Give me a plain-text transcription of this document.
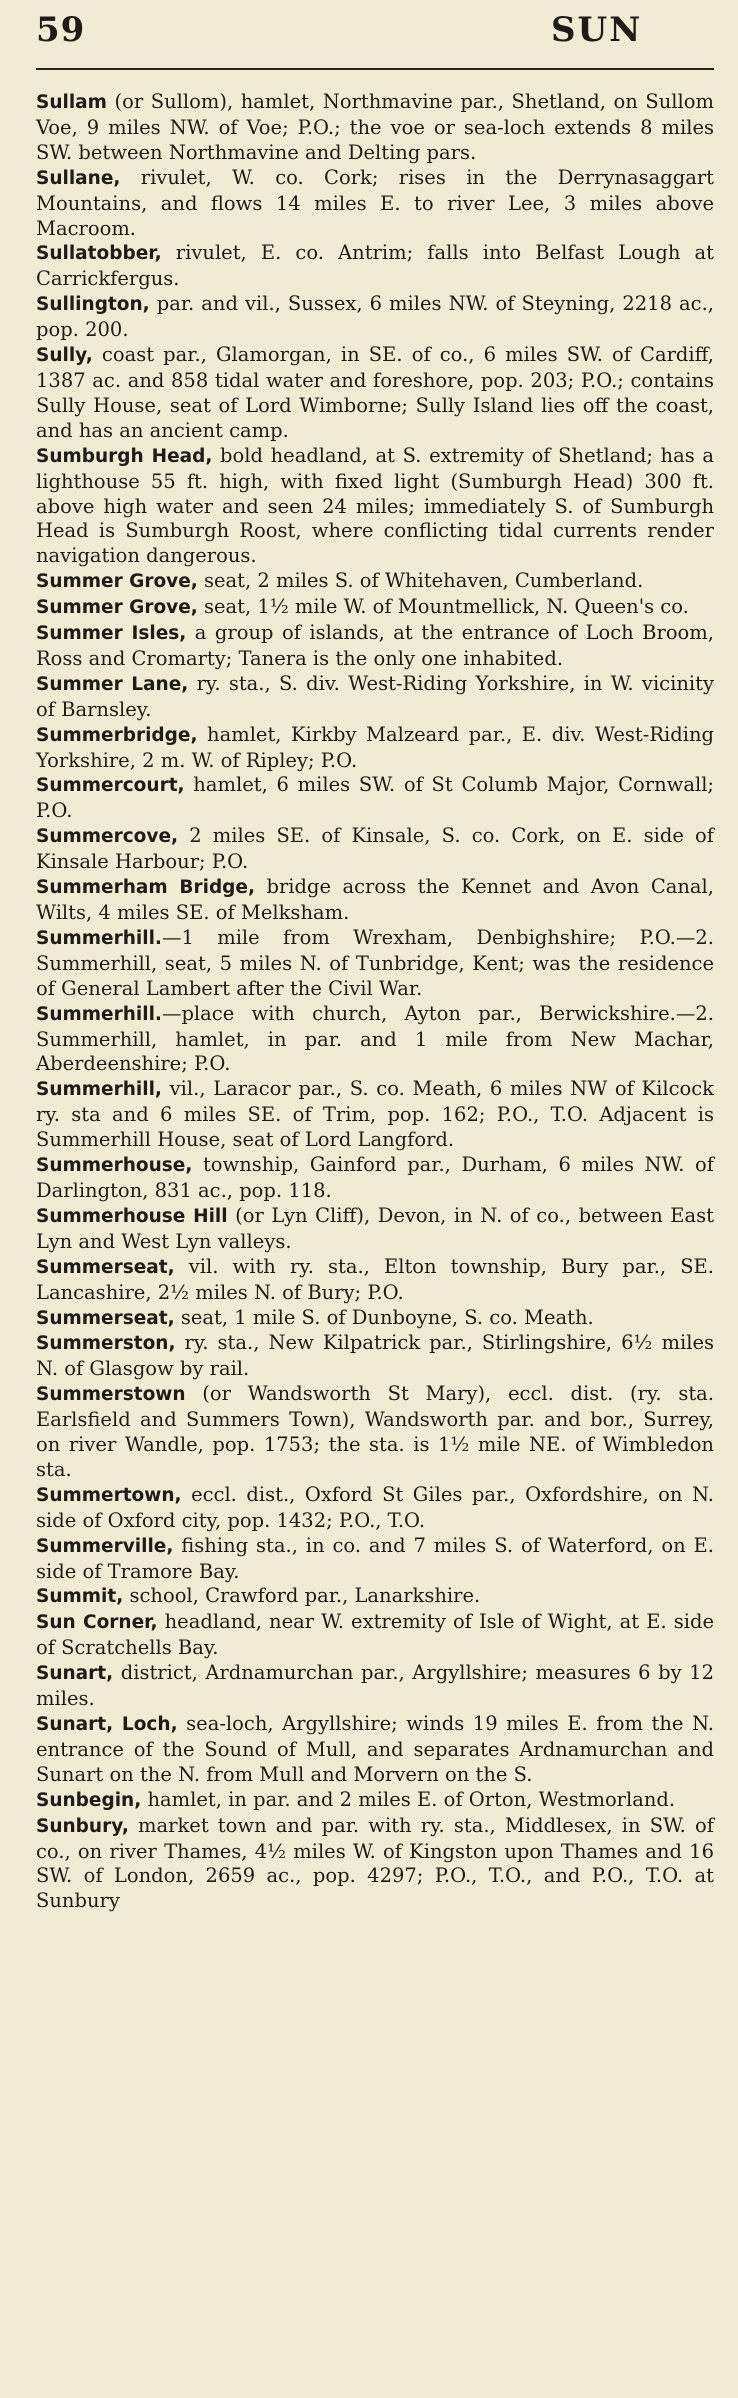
59	SUN

Sullam (or Sullom), hamlet, Northmavine par., Shetland, on Sullom Voe, 9 miles NW. of Voe; P.O.; the voe or sea-loch extends 8 miles SW. between Northmavine and Delting pars.

Sullane, rivulet, W. co. Cork; rises in the Derrynasaggart Mountains, and flows 14 miles E. to river Lee, 3 miles above Macroom.

Sullatobber, rivulet, E. co. Antrim; falls into Belfast Lough at Carrickfergus.

Sullington, par. and vil., Sussex, 6 miles NW. of Steyning, 2218 ac., pop. 200.

Sully, coast par., Glamorgan, in SE. of co., 6 miles SW. of Cardiff, 1387 ac. and 858 tidal water and foreshore, pop. 203; P.O.; contains Sully House, seat of Lord Wimborne; Sully Island lies off the coast, and has an ancient camp.

Sumburgh Head, bold headland, at S. extremity of Shetland; has a lighthouse 55 ft. high, with fixed light (Sumburgh Head) 300 ft. above high water and seen 24 miles; immediately S. of Sumburgh Head is Sumburgh Roost, where conflicting tidal currents render navigation dangerous.

Summer Grove, seat, 2 miles S. of Whitehaven, Cumberland.

Summer Grove, seat, 1½ mile W. of Mountmellick, N. Queen's co.

Summer Isles, a group of islands, at the entrance of Loch Broom, Ross and Cromarty; Tanera is the only one inhabited.

Summer Lane, ry. sta., S. div. West-Riding Yorkshire, in W. vicinity of Barnsley.

Summerbridge, hamlet, Kirkby Malzeard par., E. div. West-Riding Yorkshire, 2 m. W. of Ripley; P.O.

Summercourt, hamlet, 6 miles SW. of St Columb Major, Cornwall; P.O.

Summercove, 2 miles SE. of Kinsale, S. co. Cork, on E. side of Kinsale Harbour; P.O.

Summerham Bridge, bridge across the Kennet and Avon Canal, Wilts, 4 miles SE. of Melksham.

Summerhill.—1 mile from Wrexham, Denbighshire; P.O.—2. Summerhill, seat, 5 miles N. of Tunbridge, Kent; was the residence of General Lambert after the Civil War.

Summerhill.—place with church, Ayton par., Berwickshire.—2. Summerhill, hamlet, in par. and 1 mile from New Machar, Aberdeenshire; P.O.

Summerhill, vil., Laracor par., S. co. Meath, 6 miles NW of Kilcock ry. sta and 6 miles SE. of Trim, pop. 162; P.O., T.O. Adjacent is Summerhill House, seat of Lord Langford.

Summerhouse, township, Gainford par., Durham, 6 miles NW. of Darlington, 831 ac., pop. 118.

Summerhouse Hill (or Lyn Cliff), Devon, in N. of co., between East Lyn and West Lyn valleys.

Summerseat, vil. with ry. sta., Elton township, Bury par., SE. Lancashire, 2½ miles N. of Bury; P.O.

Summerseat, seat, 1 mile S. of Dunboyne, S. co. Meath.

Summerston, ry. sta., New Kilpatrick par., Stirlingshire, 6½ miles N. of Glasgow by rail.

Summerstown (or Wandsworth St Mary), eccl. dist. (ry. sta. Earlsfield and Summers Town), Wandsworth par. and bor., Surrey, on river Wandle, pop. 1753; the sta. is 1½ mile NE. of Wimbledon sta.

Summertown, eccl. dist., Oxford St Giles par., Oxfordshire, on N. side of Oxford city, pop. 1432; P.O., T.O.

Summerville, fishing sta., in co. and 7 miles S. of Waterford, on E. side of Tramore Bay.

Summit, school, Crawford par., Lanarkshire.

Sun Corner, headland, near W. extremity of Isle of Wight, at E. side of Scratchells Bay.

Sunart, district, Ardnamurchan par., Argyllshire; measures 6 by 12 miles.

Sunart, Loch, sea-loch, Argyllshire; winds 19 miles E. from the N. entrance of the Sound of Mull, and separates Ardnamurchan and Sunart on the N. from Mull and Morvern on the S.

Sunbegin, hamlet, in par. and 2 miles E. of Orton, Westmorland.

Sunbury, market town and par. with ry. sta., Middlesex, in SW. of co., on river Thames, 4½ miles W. of Kingston upon Thames and 16 SW. of London, 2659 ac., pop. 4297; P.O., T.O., and P.O., T.O. at Sunbury
